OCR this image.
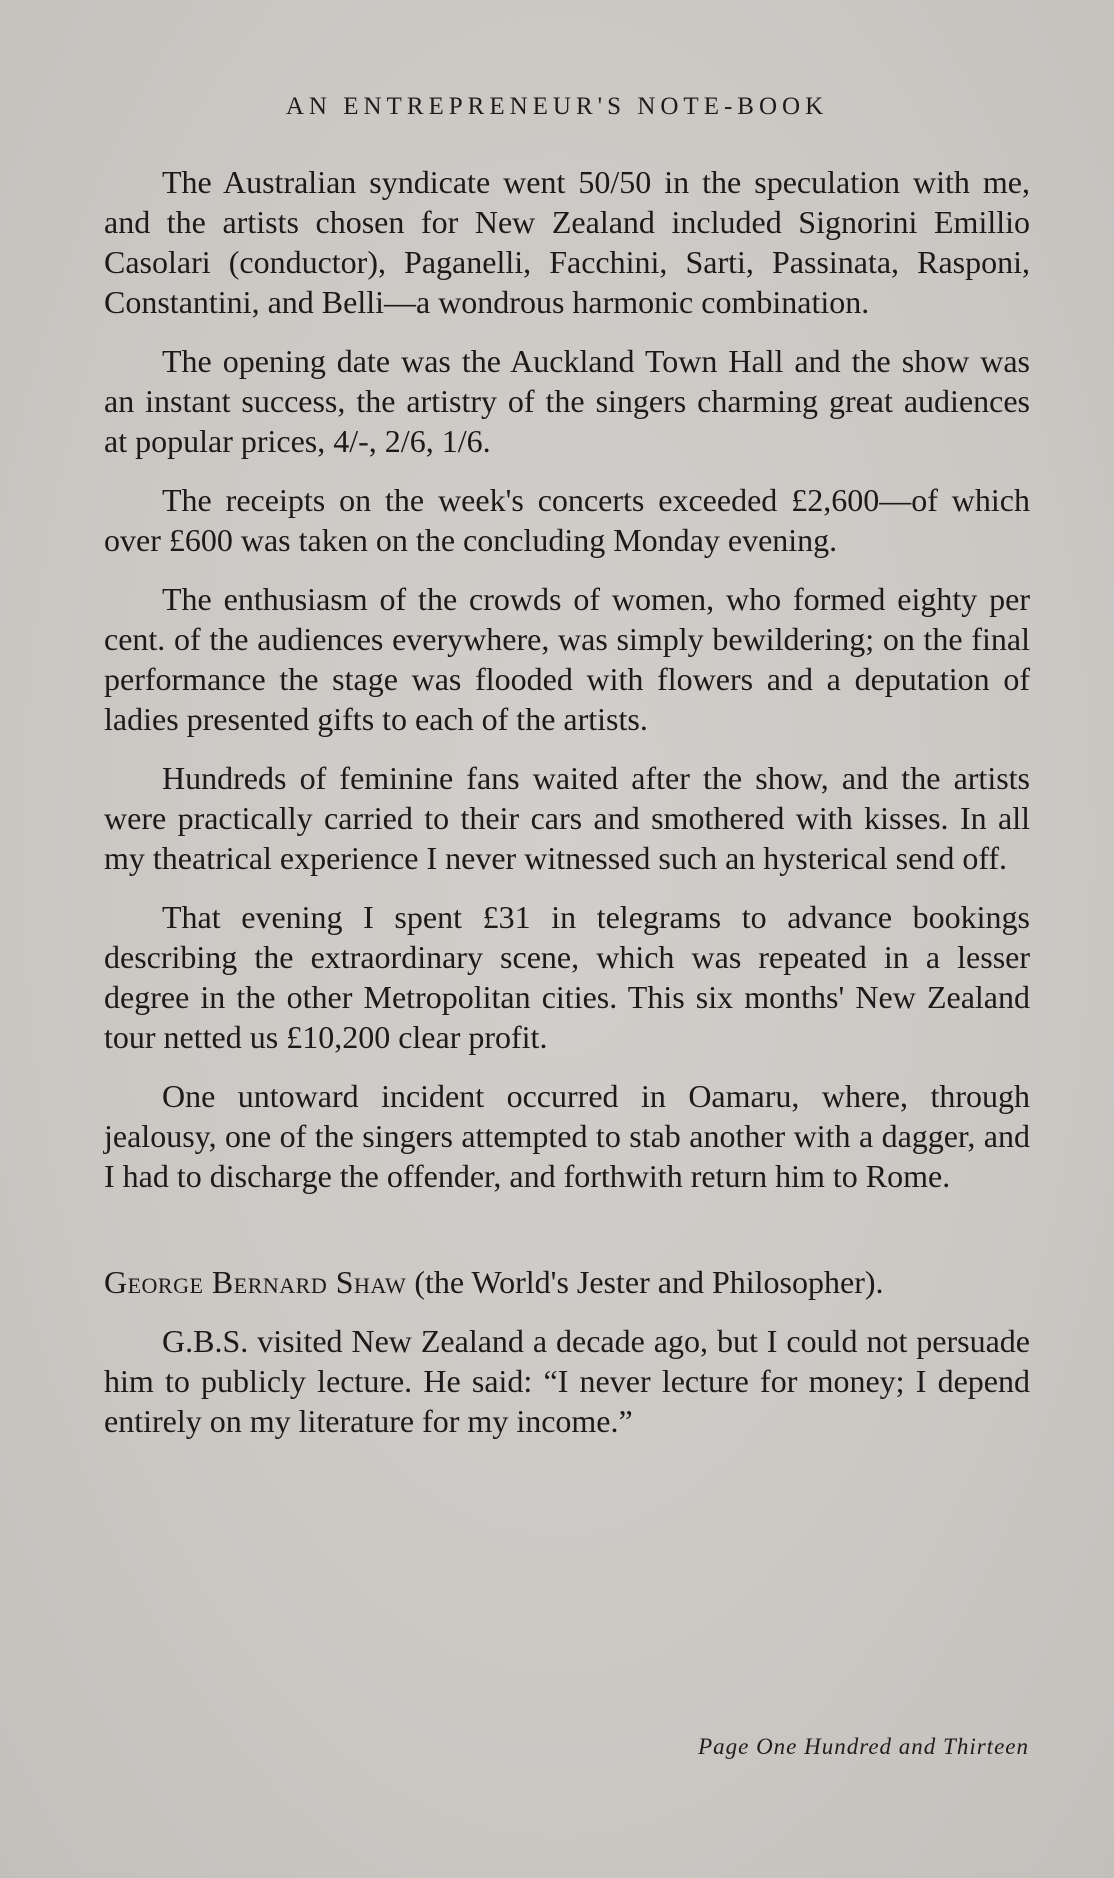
AN ENTREPRENEUR'S NOTE-BOOK

The Australian syndicate went 50/50 in the speculation with me, and the artists chosen for New Zealand included Signorini Emillio Casolari (conductor), Paganelli, Facchini, Sarti, Passinata, Rasponi, Constantini, and Belli—a wondrous harmonic combination.

The opening date was the Auckland Town Hall and the show was an instant success, the artistry of the singers charming great audiences at popular prices, 4/-, 2/6, 1/6.

The receipts on the week's concerts exceeded £2,600—of which over £600 was taken on the concluding Monday evening.

The enthusiasm of the crowds of women, who formed eighty per cent. of the audiences everywhere, was simply bewildering; on the final performance the stage was flooded with flowers and a deputation of ladies presented gifts to each of the artists.

Hundreds of feminine fans waited after the show, and the artists were practically carried to their cars and smothered with kisses. In all my theatrical experience I never witnessed such an hysterical send off.

That evening I spent £31 in telegrams to advance bookings describing the extraordinary scene, which was repeated in a lesser degree in the other Metropolitan cities. This six months' New Zealand tour netted us £10,200 clear profit.

One untoward incident occurred in Oamaru, where, through jealousy, one of the singers attempted to stab another with a dagger, and I had to discharge the offender, and forthwith return him to Rome.

George Bernard Shaw (the World's Jester and Philosopher).

G.B.S. visited New Zealand a decade ago, but I could not persuade him to publicly lecture. He said: “I never lecture for money; I depend entirely on my literature for my income.”

Page One Hundred and Thirteen
